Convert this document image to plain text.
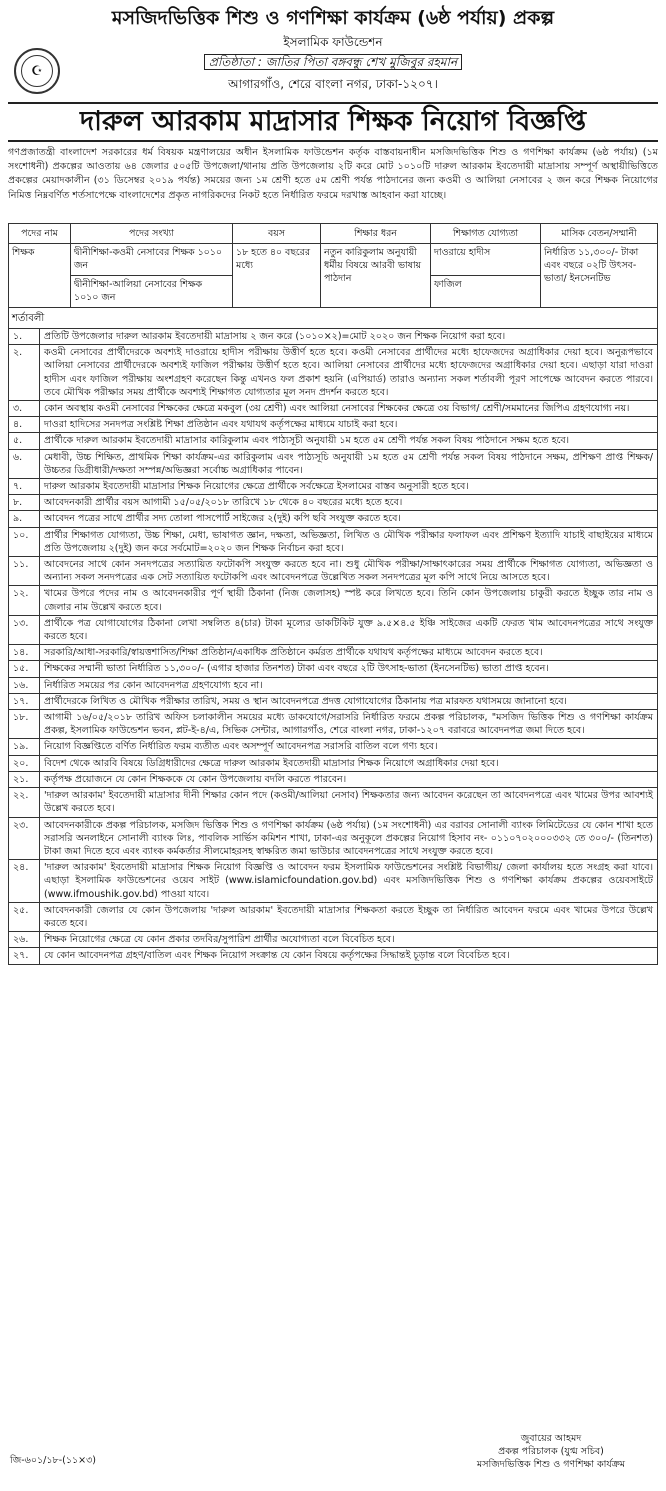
☪
মসজিদভিত্তিক শিশু ও গণশিক্ষা কার্যক্রম (৬ষ্ঠ পর্যায়) প্রকল্প
ইসলামিক ফাউন্ডেশন
প্রতিষ্ঠাতা : জাতির পিতা বঙ্গবন্ধু শেখ মুজিবুর রহমান
আগারগাঁও, শেরে বাংলা নগর, ঢাকা-১২০৭।
দারুল আরকাম মাদ্রাসার শিক্ষক নিয়োগ বিজ্ঞপ্তি
গণপ্রজাতন্ত্রী বাংলাদেশ সরকারের ধর্ম বিষয়ক মন্ত্রণালয়ের অধীন ইসলামিক ফাউন্ডেশন কর্তৃক বাস্তবায়নাধীন মসজিদভিত্তিক শিশু ও গণশিক্ষা কার্যক্রম (৬ষ্ঠ পর্যায়) (১ম সংশোধনী) প্রকল্পের আওতায় ৬৪ জেলার ৫০৫টি উপজেলা/থানায় প্রতি উপজেলায় ২টি করে মোট ১০১০টি দারুল আরকাম ইবতেদায়ী মাদ্রাসায় সম্পূর্ণ অস্থায়ীভিত্তিতে প্রকল্পের মেয়াদকালীন (৩১ ডিসেম্বর ২০১৯ পর্যন্ত) সময়ের জন্য ১ম শ্রেণী হতে ৫ম শ্রেণী পর্যন্ত পাঠদানের জন্য কওমী ও আলিয়া নেসাবের ২ জন করে শিক্ষক নিয়োগের নিমিত্ত নিম্নবর্ণিত শর্তসাপেক্ষে বাংলাদেশের প্রকৃত নাগরিকদের নিকট হতে নির্ধারিত ফরমে দরখাস্ত আহবান করা যাচ্ছে।
পদের নাম	পদের সংখ্যা	বয়স	শিক্ষার ধরন	শিক্ষাগত যোগ্যতা	মাসিক বেতন/সম্মানী
শিক্ষক	দ্বীনীশিক্ষা-কওমী নেসাবের শিক্ষক ১০১০ জন	১৮ হতে ৪০ বছরের মধ্যে	নতুন কারিকুলাম অনুযায়ী ধর্মীয় বিষয়ে আরবী ভাষায় পাঠদান	দাওরায়ে হাদীস	নির্ধারিত ১১,৩০০/- টাকা এবং বছরে ০২টি উৎসব-ভাতা/ ইনসেনটিভ
	দ্বীনীশিক্ষা-আলিয়া নেসাবের শিক্ষক ১০১০ জন			ফাজিল	
শর্তাবলী
১.	প্রতিটি উপজেলার দারুল আরকাম ইবতেদায়ী মাদ্রাসায় ২ জন করে (১০১০×২)=মোট ২০২০ জন শিক্ষক নিয়োগ করা হবে।
২.	কওমী নেসাবের প্রার্থীদেরকে অবশ্যই দাওরায়ে হাদীস পরীক্ষায় উত্তীর্ণ হতে হবে। কওমী নেসাবের প্রার্থীদের মধ্যে হাফেজদের অগ্রাধিকার দেয়া হবে। অনুরূপভাবে আলিয়া নেসাবের প্রার্থীদেরকে অবশ্যই ফাজিল পরীক্ষায় উত্তীর্ণ হতে হবে। আলিয়া নেসাবের প্রার্থীদের মধ্যে হাফেজদের অগ্রাধিকার দেয়া হবে। এছাড়া যারা দাওরা হাদীস এবং ফাজিল পরীক্ষায় অংশগ্রহণ করেছেন কিন্তু এখনও ফল প্রকাশ হয়নি (এপিয়ার্ড) তারাও অন্যান্য সকল শর্তাবলী পূরণ সাপেক্ষে আবেদন করতে পারবে। তবে মৌখিক পরীক্ষার সময় প্রার্থীকে অবশ্যই শিক্ষাগত যোগ্যতার মূল সনদ প্রদর্শন করতে হবে।
৩.	কোন অবস্থায় কওমী নেসাবের শিক্ষকের ক্ষেত্রে মকবুল (৩য় শ্রেণী) এবং আলিয়া নেসাবের শিক্ষকের ক্ষেত্রে ৩য় বিভাগ/ শ্রেণী/সমমানের জিপিএ গ্রহণযোগ্য নয়।
৪.	দাওরা হাদিসের সনদপত্র সংশ্লিষ্ট শিক্ষা প্রতিষ্ঠান এবং যথাযথ কর্তৃপক্ষের মাধ্যমে যাচাই করা হবে।
৫.	প্রার্থীকে দারুল আরকাম ইবতেদায়ী মাদ্রাসার কারিকুলাম এবং পাঠ্যসূচী অনুযায়ী ১ম হতে ৫ম শ্রেণী পর্যন্ত সকল বিষয় পাঠদানে সক্ষম হতে হবে।
৬.	মেধাবী, উচ্চ শিক্ষিত, প্রাথমিক শিক্ষা কার্যক্রম-এর কারিকুলাম এবং পাঠ্যসূচি অনুযায়ী ১ম হতে ৫ম শ্রেণী পর্যন্ত সকল বিষয় পাঠদানে সক্ষম, প্রশিক্ষণ প্রাপ্ত শিক্ষক/ উচ্চতর ডিগ্রীধারী/দক্ষতা সম্পন্ন/অভিজ্ঞরা সর্বোচ্চ অগ্রাধিকার পাবেন।
৭.	দারুল আরকাম ইবতেদায়ী মাদ্রাসার শিক্ষক নিয়োগের ক্ষেত্রে প্রার্থীকে সর্বক্ষেত্রে ইসলামের বাস্তব অনুসারী হতে হবে।
৮.	আবেদনকারী প্রার্থীর বয়স আগামী ১৫/০৫/২০১৮ তারিখে ১৮ থেকে ৪০ বছরের মধ্যে হতে হবে।
৯.	আবেদন পত্রের সাথে প্রার্থীর সদ্য তোলা পাসপোর্ট সাইজের ২(দুই) কপি ছবি সংযুক্ত করতে হবে।
১০.	প্রার্থীর শিক্ষাগত যোগ্যতা, উচ্চ শিক্ষা, মেধা, ভাষাগত জ্ঞান, দক্ষতা, অভিজ্ঞতা, লিখিত ও মৌখিক পরীক্ষার ফলাফল এবং প্রশিক্ষণ ইত্যাদি যাচাই বাছাইয়ের মাধ্যমে প্রতি উপজেলায় ২(দুই) জন করে সর্বমোট=২০২০ জন শিক্ষক নির্বাচন করা হবে।
১১.	আবেদনের সাথে কোন সনদপত্রের সত্যায়িত ফটোকপি সংযুক্ত করতে হবে না। শুধু মৌখিক পরীক্ষা/সাক্ষাৎকারের সময় প্রার্থীকে শিক্ষাগত যোগ্যতা, অভিজ্ঞতা ও অন্যান্য সকল সনদপত্রের এক সেট সত্যায়িত ফটোকপি এবং আবেদনপত্রে উল্লেখিত সকল সনদপত্রের মূল কপি সাথে নিয়ে আসতে হবে।
১২.	খামের উপরে পদের নাম ও আবেদনকারীর পূর্ণ স্থায়ী ঠিকানা (নিজ জেলাসহ) স্পষ্ট করে লিখতে হবে। তিনি কোন উপজেলায় চাকুরী করতে ইচ্ছুক তার নাম ও জেলার নাম উল্লেখ করতে হবে।
১৩.	প্রার্থীকে পত্র যোগাযোগের ঠিকানা লেখা সম্বলিত ৪(চার) টাকা মূল্যের ডাকটিকিট যুক্ত ৯.৫×৪.৫ ইঞ্চি সাইজের একটি ফেরত খাম আবেদনপত্রের সাথে সংযুক্ত করতে হবে।
১৪.	সরকারি/আধা-সরকারি/স্বায়ত্তশাসিত/শিক্ষা প্রতিষ্ঠান/একাধিক প্রতিষ্ঠানে কর্মরত প্রার্থীকে যথাযথ কর্তৃপক্ষের মাধ্যমে আবেদন করতে হবে।
১৫.	শিক্ষকের সম্মানী ভাতা নির্ধারিত ১১,৩০০/- (এগার হাজার তিনশত) টাকা এবং বছরে ২টি উৎসাহ-ভাতা (ইনসেনটিভ) ভাতা প্রাপ্ত হবেন।
১৬.	নির্ধারিত সময়ের পর কোন আবেদনপত্র গ্রহণযোগ্য হবে না।
১৭.	প্রার্থীদেরকে লিখিত ও মৌখিক পরীক্ষার তারিখ, সময় ও স্থান আবেদনপত্রে প্রদত্ত যোগাযোগের ঠিকানায় পত্র মারফত যথাসময়ে জানানো হবে।
১৮.	আগামী ১৬/০৫/২০১৮ তারিখ অফিস চলাকালীন সময়ের মধ্যে ডাকযোগে/সরাসরি নির্ধারিত ফরমে প্রকল্প পরিচালক, "মসজিদ ভিত্তিক শিশু ও গণশিক্ষা কার্যক্রম প্রকল্প, ইসলামিক ফাউন্ডেশন ভবন, প্লট-ই-৪/এ, সিভিক সেন্টার, আগারগাঁও, শেরে বাংলা নগর, ঢাকা-১২০৭ বরাবরে আবেদনপত্র জমা দিতে হবে।
১৯.	নিয়োগ বিজ্ঞপ্তিতে বর্ণিত নির্ধারিত ফরম ব্যতীত এবং অসম্পূর্ণ আবেদনপত্র সরাসরি বাতিল বলে গণ্য হবে।
২০.	বিদেশ থেকে আরবি বিষয়ে ডিগ্রিধারীদের ক্ষেত্রে দারুল আরকাম ইবতেদায়ী মাদ্রাসার শিক্ষক নিয়োগে অগ্রাধিকার দেয়া হবে।
২১.	কর্তৃপক্ষ প্রয়োজনে যে কোন শিক্ষককে যে কোন উপজেলায় বদলি করতে পারবেন।
২২.	'দারুল আরকাম' ইবতেদায়ী মাদ্রাসার দীনী শিক্ষার কোন পদে (কওমী/আলিয়া নেসাব) শিক্ষকতার জন্য আবেদন করেছেন তা আবেদনপত্রে এবং খামের উপর আবশ্যই উল্লেখ করতে হবে।
২৩.	আবেদনকারীকে প্রকল্প পরিচালক, মসজিদ ভিত্তিক শিশু ও গণশিক্ষা কার্যক্রম (৬ষ্ঠ পর্যায়) (১ম সংশোধনী) এর বরাবর সোনালী ব্যাংক লিমিটেডের যে কোন শাখা হতে সরাসরি অনলাইনে সোনালী ব্যাংক লিঃ, পাবলিক সার্ভিস কমিশন শাখা, ঢাকা-এর অনুকূলে প্রকল্পের নিয়োগ হিসাব নং- ০১১০৭০২০০০৩৩২ তে ৩০০/- (তিনশত) টাকা জমা দিতে হবে এবং ব্যাংক কর্মকর্তার সীলমোহরসহ স্বাক্ষরিত জমা ভাউচার আবেদনপত্রের সাথে সংযুক্ত করতে হবে।
২৪.	'দারুল আরকাম' ইবতেদায়ী মাদ্রাসার শিক্ষক নিয়োগ বিজ্ঞপ্তি ও আবেদন ফরম ইসলামিক ফাউন্ডেশনের সংশ্লিষ্ট বিভাগীয়/ জেলা কার্যালয় হতে সংগ্রহ করা যাবে। এছাড়া ইসলামিক ফাউন্ডেশনের ওয়েব সাইট (www.islamicfoundation.gov.bd) এবং মসজিদভিত্তিক শিশু ও গণশিক্ষা কার্যক্রম প্রকল্পের ওয়েবসাইটে (www.ifmoushik.gov.bd) পাওয়া যাবে।
২৫.	আবেদনকারী জেলার যে কোন উপজেলায় 'দারুল আরকাম' ইবতেদায়ী মাদ্রাসার শিক্ষকতা করতে ইচ্ছুক তা নির্ধারিত আবেদন ফরমে এবং খামের উপরে উল্লেখ করতে হবে।
২৬.	শিক্ষক নিয়োগের ক্ষেত্রে যে কোন প্রকার তদবির/সুপারিশ প্রার্থীর অযোগ্যতা বলে বিবেচিত হবে।
২৭.	যে কোন আবেদনপত্র গ্রহণ/বাতিল এবং শিক্ষক নিয়োগ সংক্রান্ত যে কোন বিষয়ে কর্তৃপক্ষের সিদ্ধান্তই চূড়ান্ত বলে বিবেচিত হবে।
জুবায়ের আহমদ
প্রকল্প পরিচালক (যুগ্ম সচিব)
মসজিদভিত্তিক শিশু ও গণশিক্ষা কার্যক্রম
জি-৬০১/১৮-(১১×৩)
